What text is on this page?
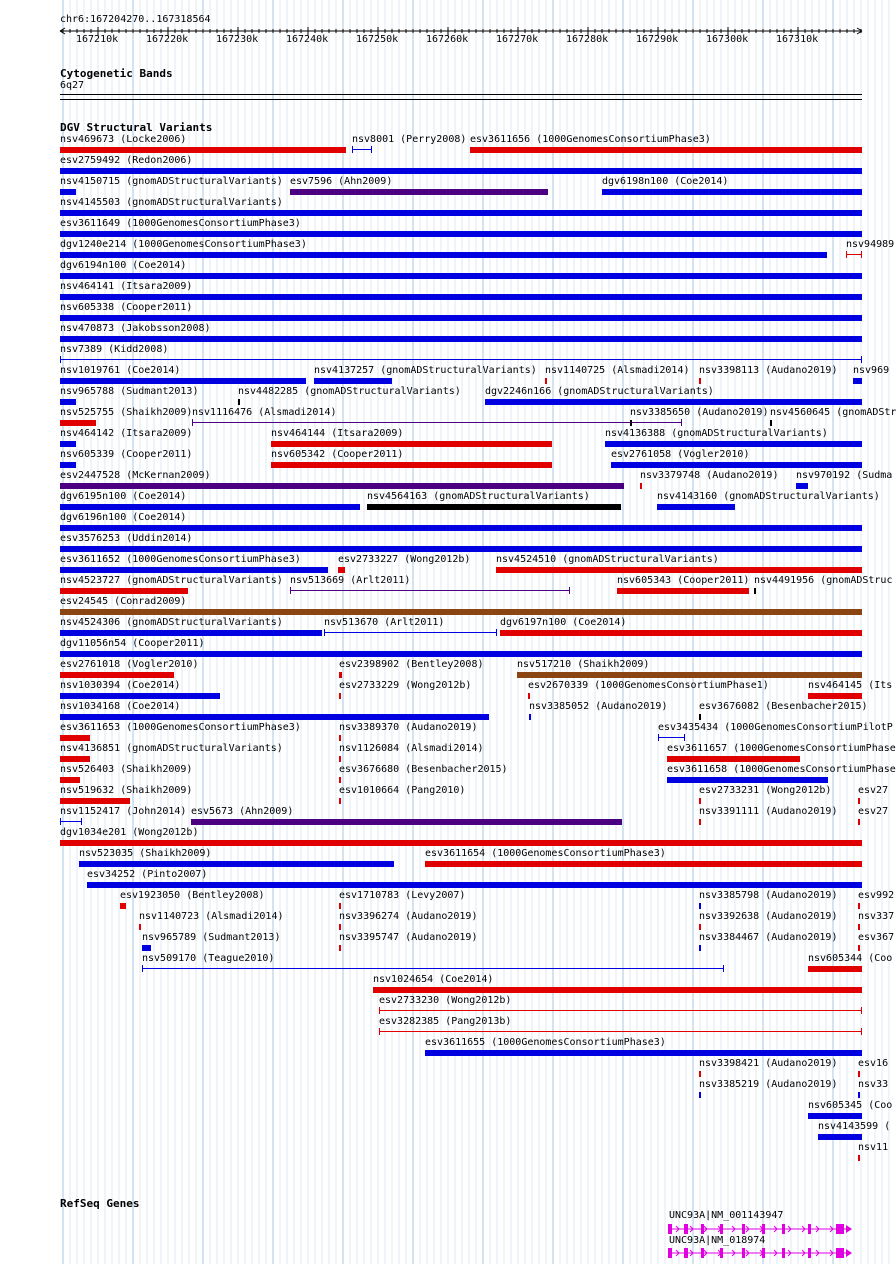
chr6:167204270..167318564
167210k	167220k	167230k	167240k	167250k	167260k	167270k	167280k	167290k	167300k	167310k
Cytogenetic Bands
6q27
DGV Structural Variants
nsv469673 (Locke2006)	nsv8001 (Perry2008) esv3611656 (1000GenomesConsortiumPhase3)
esv2759492 (Redon2006)
nsv4150715 (gnomADStructuralVariants) esv7596 (Ahn2009)	dgv6198n100 (Coe2014)
nsv4145503 (gnomADStructuralVariants)
esv3611649 (1000GenomesConsortiumPhase3)
dgv1240e214 (1000GenomesConsortiumPhase3)	nsv94989
dgv6194n100 (Coe2014)
nsv464141 (Itsara2009)
nsv605338 (Cooper2011)
nsv470873 (Jakobsson2008)
nsv7389 (Kidd2008)
nsv1019761 (Coe2014)	nsv4137257 (gnomADStructuralVariants) nsv1140725 (Alsmadi2014) nsv3398113 (Audano2019) nsv969
nsv965788 (Sudmant2013)	nsv4482285 (gnomADStructuralVariants) dgv2246n166 (gnomADStructuralVariants)
nsv525755 (Shaikh2009) nsv1116476 (Alsmadi2014)	nsv3385650 (Audano2019) nsv4560645 (gnomADStr
nsv464142 (Itsara2009)	nsv464144 (Itsara2009)	nsv4136388 (gnomADStructuralVariants)
nsv605339 (Cooper2011)	nsv605342 (Cooper2011)	esv2761058 (Vogler2010)
esv2447528 (McKernan2009)	nsv3379748 (Audano2019) nsv970192 (Sudma
dgv6195n100 (Coe2014)	nsv4564163 (gnomADStructuralVariants)	nsv4143160 (gnomADStructuralVariants)
dgv6196n100 (Coe2014)
esv3576253 (Uddin2014)
esv3611652 (1000GenomesConsortiumPhase3)	esv2733227 (Wong2012b)	nsv4524510 (gnomADStructuralVariants)
nsv4523727 (gnomADStructuralVariants) nsv513669 (Arlt2011)	nsv605343 (Cooper2011) nsv4491956 (gnomADStruc
esv24545 (Conrad2009)
nsv4524306 (gnomADStructuralVariants)	nsv513670 (Arlt2011)	dgv6197n100 (Coe2014)
dgv11056n54 (Cooper2011)
esv2761018 (Vogler2010)	esv2398902 (Bentley2008)	nsv517210 (Shaikh2009)
nsv1030394 (Coe2014)	esv2733229 (Wong2012b)	esv2670339 (1000GenomesConsortiumPhase1)	nsv464145 (Its
nsv1034168 (Coe2014)	nsv3385052 (Audano2019)	esv3676082 (Besenbacher2015)
esv3611653 (1000GenomesConsortiumPhase3)	nsv3389370 (Audano2019)	esv3435434 (1000GenomesConsortiumPilotP
nsv4136851 (gnomADStructuralVariants)	nsv1126084 (Alsmadi2014)	esv3611657 (1000GenomesConsortiumPhase
nsv526403 (Shaikh2009)	esv3676680 (Besenbacher2015)	esv3611658 (1000GenomesConsortiumPhase
nsv519632 (Shaikh2009)	esv1010664 (Pang2010)	esv2733231 (Wong2012b)	esv27
nsv1152417 (John2014) esv5673 (Ahn2009)	nsv3391111 (Audano2019) esv27
dgv1034e201 (Wong2012b)
nsv523035 (Shaikh2009)	esv3611654 (1000GenomesConsortiumPhase3)
esv34252 (Pinto2007)
esv1923050 (Bentley2008)	esv1710783 (Levy2007)	nsv3385798 (Audano2019) esv992
nsv1140723 (Alsmadi2014)	nsv3396274 (Audano2019)	nsv3392638 (Audano2019) nsv337
nsv965789 (Sudmant2013)	nsv3395747 (Audano2019)	nsv3384467 (Audano2019) esv367
nsv509170 (Teague2010)	nsv605344 (Coo
nsv1024654 (Coe2014)
esv2733230 (Wong2012b)
esv3282385 (Pang2013b)
esv3611655 (1000GenomesConsortiumPhase3)
nsv3398421 (Audano2019) esv16
nsv3385219 (Audano2019) nsv33
nsv605345 (Coo
nsv4143599 (
nsv11
RefSeq Genes
UNC93A|NM_001143947
UNC93A|NM_018974
